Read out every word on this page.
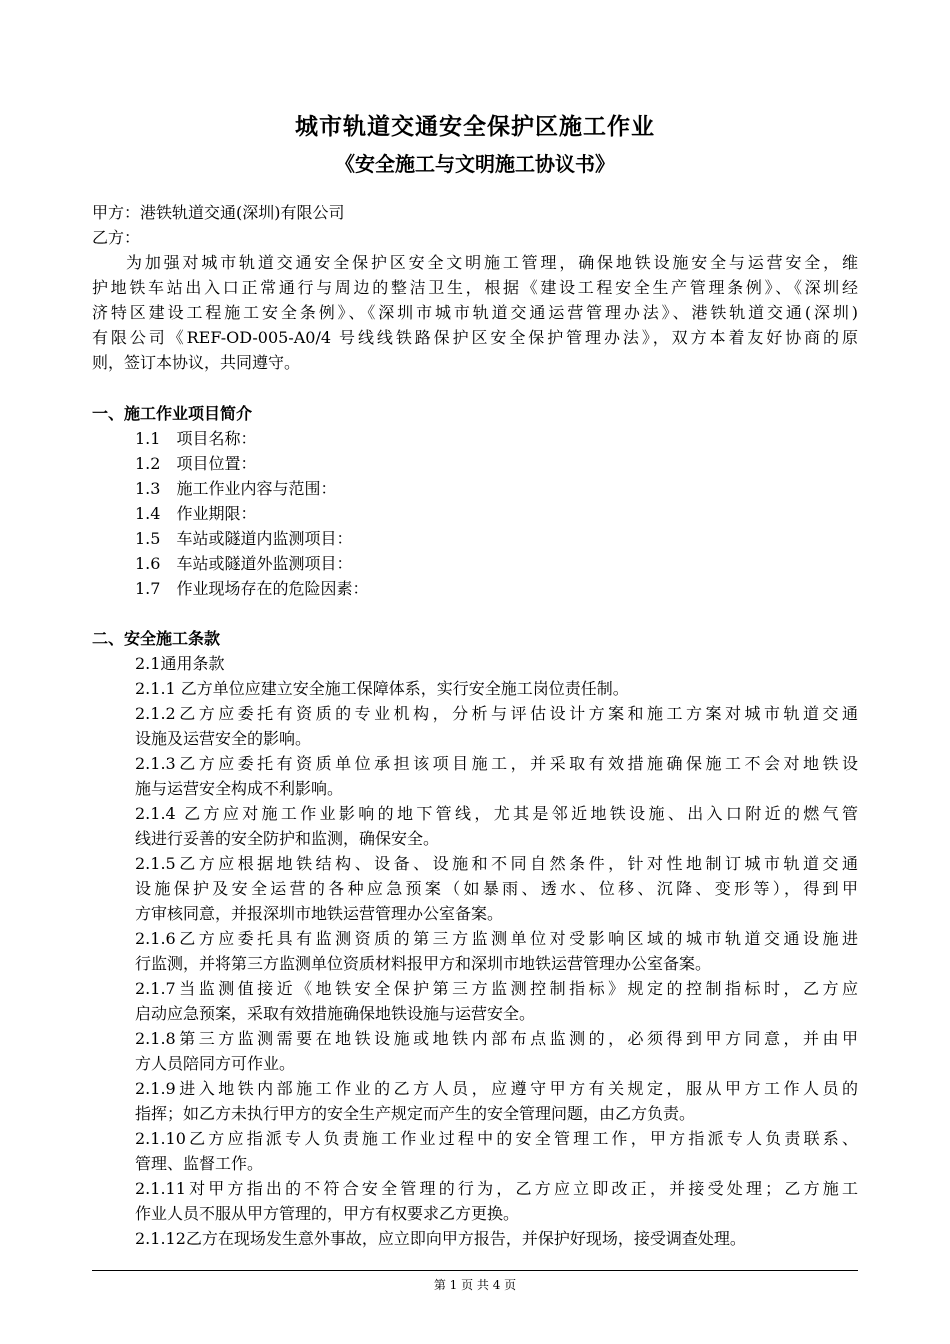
城市轨道交通安全保护区施工作业
《安全施工与文明施工协议书》
甲方：港铁轨道交通(深圳)有限公司
乙方：
为加强对城市轨道交通安全保护区安全文明施工管理，确保地铁设施安全与运营安全，维
护地铁车站出入口正常通行与周边的整洁卫生，根据《建设工程安全生产管理条例》、《深圳经
济特区建设工程施工安全条例》、《深圳市城市轨道交通运营管理办法》、港铁轨道交通(深圳)
有限公司《REF-OD-005-A0/4 号线线铁路保护区安全保护管理办法》，双方本着友好协商的原
则，签订本协议，共同遵守。
一、施工作业项目简介
1.1　项目名称：
1.2　项目位置：
1.3　施工作业内容与范围：
1.4　作业期限：
1.5　车站或隧道内监测项目：
1.6　车站或隧道外监测项目：
1.7　作业现场存在的危险因素：
二、安全施工条款
2.1通用条款
2.1.1 乙方单位应建立安全施工保障体系，实行安全施工岗位责任制。
2.1.2乙方应委托有资质的专业机构，分析与评估设计方案和施工方案对城市轨道交通
设施及运营安全的影响。
2.1.3乙方应委托有资质单位承担该项目施工，并采取有效措施确保施工不会对地铁设
施与运营安全构成不利影响。
2.1.4 乙方应对施工作业影响的地下管线，尤其是邻近地铁设施、出入口附近的燃气管
线进行妥善的安全防护和监测，确保安全。
2.1.5乙方应根据地铁结构、设备、设施和不同自然条件，针对性地制订城市轨道交通
设施保护及安全运营的各种应急预案（如暴雨、透水、位移、沉降、变形等），得到甲
方审核同意，并报深圳市地铁运营管理办公室备案。
2.1.6乙方应委托具有监测资质的第三方监测单位对受影响区域的城市轨道交通设施进
行监测，并将第三方监测单位资质材料报甲方和深圳市地铁运营管理办公室备案。
2.1.7当监测值接近《地铁安全保护第三方监测控制指标》规定的控制指标时，乙方应
启动应急预案，采取有效措施确保地铁设施与运营安全。
2.1.8第三方监测需要在地铁设施或地铁内部布点监测的，必须得到甲方同意，并由甲
方人员陪同方可作业。
2.1.9进入地铁内部施工作业的乙方人员，应遵守甲方有关规定，服从甲方工作人员的
指挥；如乙方未执行甲方的安全生产规定而产生的安全管理问题，由乙方负责。
2.1.10乙方应指派专人负责施工作业过程中的安全管理工作，甲方指派专人负责联系、
管理、监督工作。
2.1.11对甲方指出的不符合安全管理的行为，乙方应立即改正，并接受处理；乙方施工
作业人员不服从甲方管理的，甲方有权要求乙方更换。
2.1.12乙方在现场发生意外事故，应立即向甲方报告，并保护好现场，接受调查处理。
第 1 页 共 4 页
